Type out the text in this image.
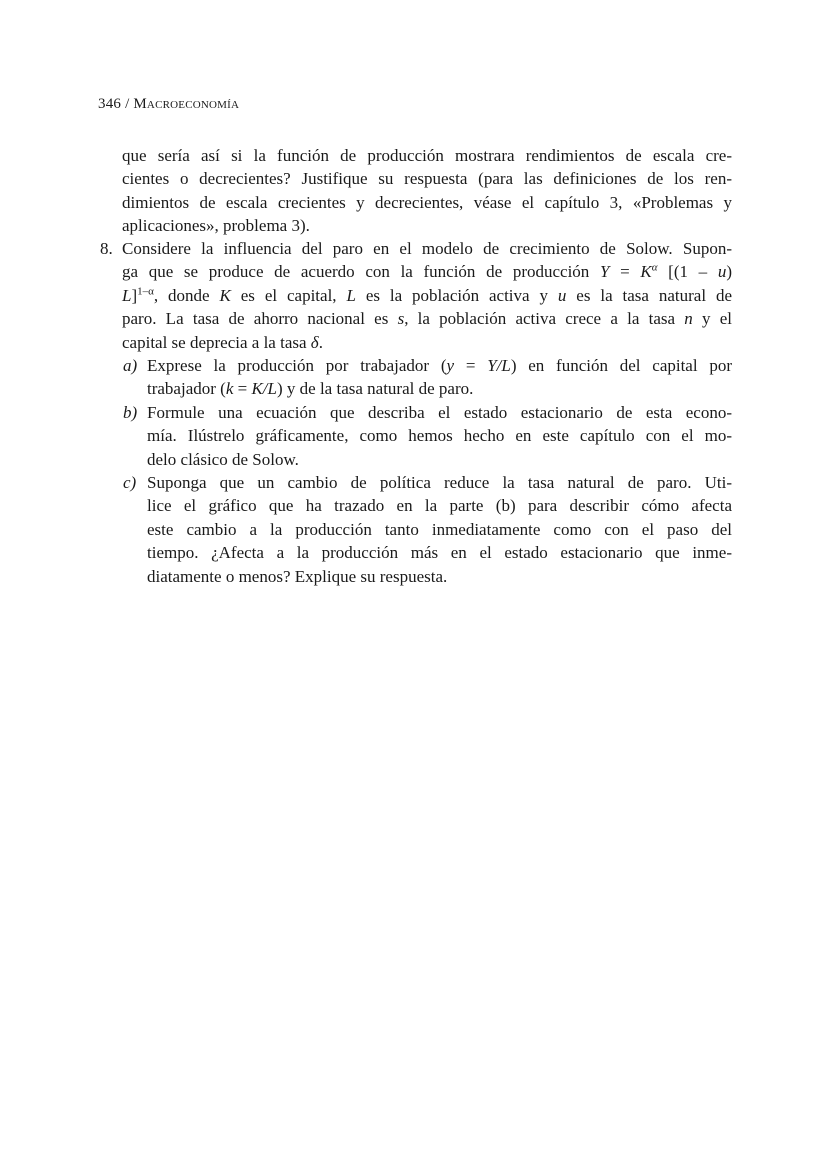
346 / Macroeconomía
que sería así si la función de producción mostrara rendimientos de escala cre-
cientes o decrecientes? Justifique su respuesta (para las definiciones de los ren-
dimientos de escala crecientes y decrecientes, véase el capítulo 3, «Problemas y
aplicaciones», problema 3).
8. Considere la influencia del paro en el modelo de crecimiento de Solow. Supon-
ga que se produce de acuerdo con la función de producción $Y = K^\alpha$ [(1 – u)
L]$^{1-\alpha}$, donde K es el capital, L es la población activa y u es la tasa natural de
paro. La tasa de ahorro nacional es s, la población activa crece a la tasa n y el
capital se deprecia a la tasa δ.
a) Exprese la producción por trabajador (y = Y/L) en función del capital por
trabajador (k = K/L) y de la tasa natural de paro.
b) Formule una ecuación que describa el estado estacionario de esta econo-
mía. Ilústrelo gráficamente, como hemos hecho en este capítulo con el mo-
delo clásico de Solow.
c) Suponga que un cambio de política reduce la tasa natural de paro. Uti-
lice el gráfico que ha trazado en la parte (b) para describir cómo afecta
este cambio a la producción tanto inmediatamente como con el paso del
tiempo. ¿Afecta a la producción más en el estado estacionario que inme-
diatamente o menos? Explique su respuesta.
